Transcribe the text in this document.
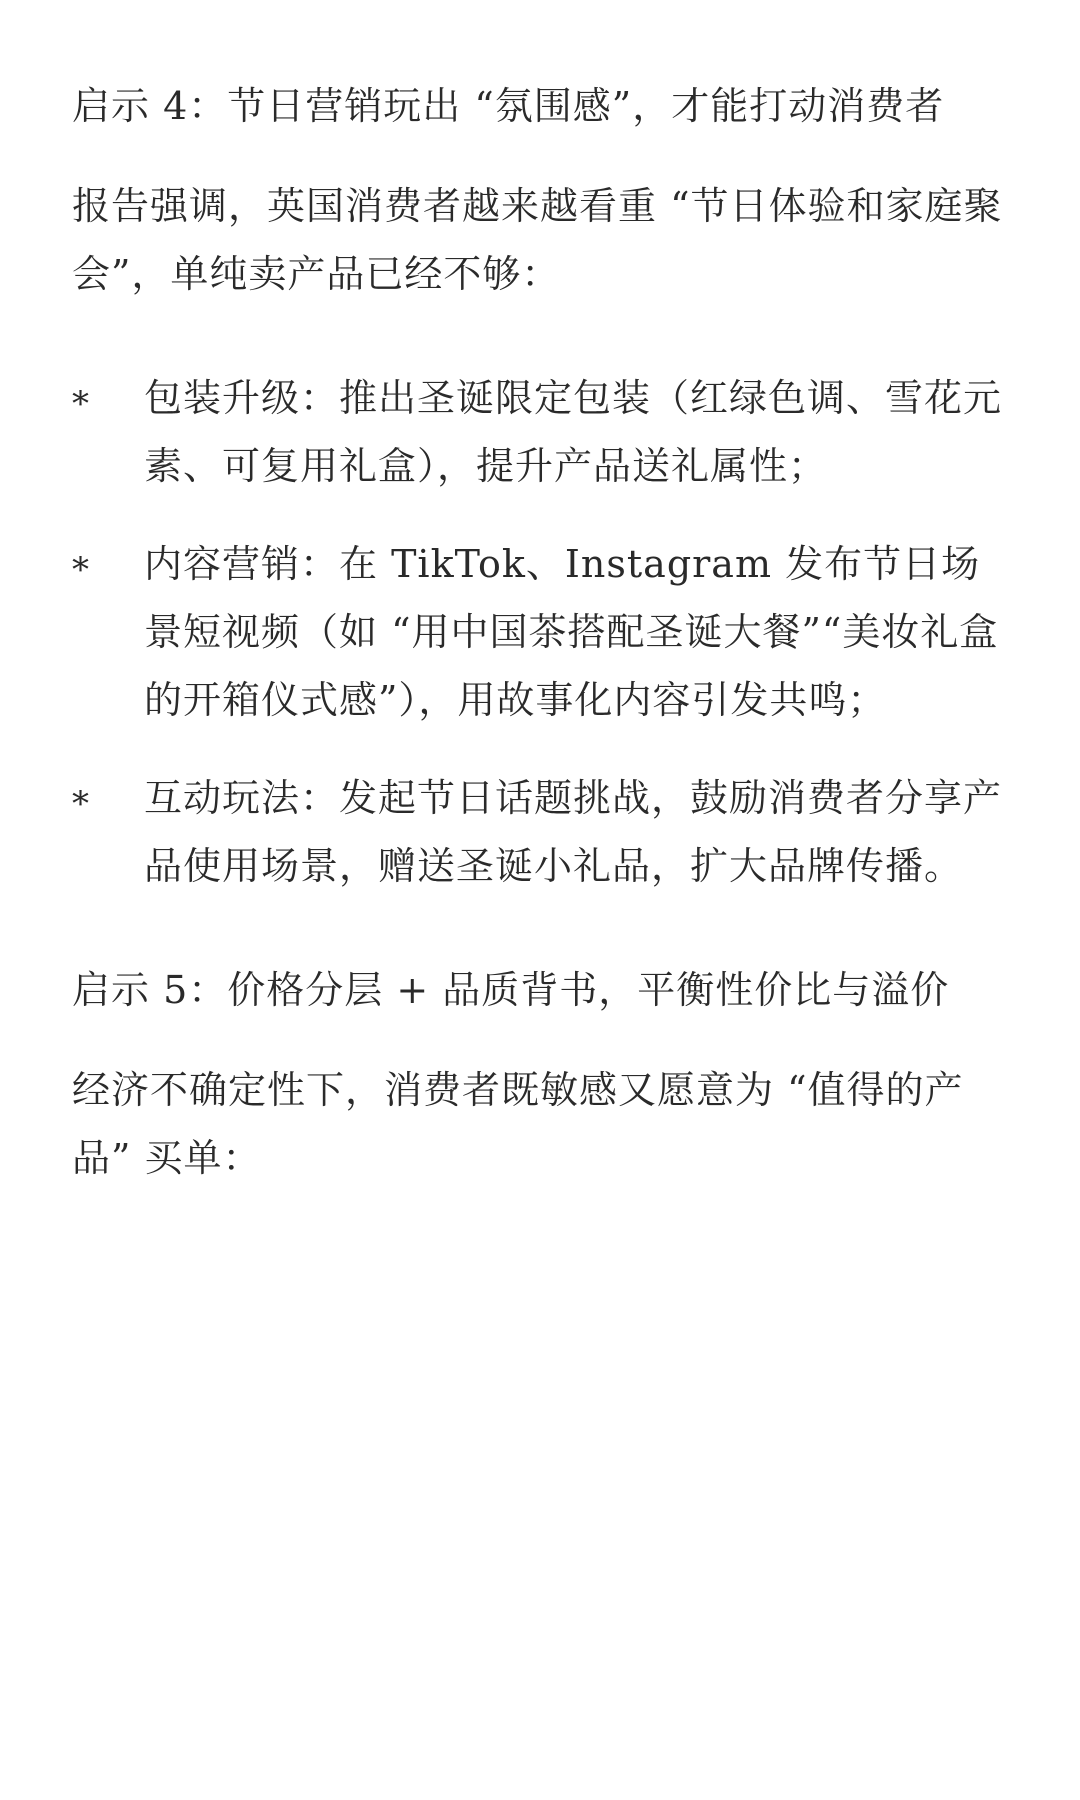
启示 4：节日营销玩出 “氛围感”，才能打动消费者

报告强调，英国消费者越来越看重 “节日体验和家庭聚会”，单纯卖产品已经不够：

*	包装升级：推出圣诞限定包装（红绿色调、雪花元素、可复用礼盒），提升产品送礼属性；
*	内容营销：在 TikTok、Instagram 发布节日场景短视频（如 “用中国茶搭配圣诞大餐”“美妆礼盒的开箱仪式感”），用故事化内容引发共鸣；
*	互动玩法：发起节日话题挑战，鼓励消费者分享产品使用场景，赠送圣诞小礼品，扩大品牌传播。

启示 5：价格分层 + 品质背书，平衡性价比与溢价

经济不确定性下，消费者既敏感又愿意为 “值得的产品” 买单：
